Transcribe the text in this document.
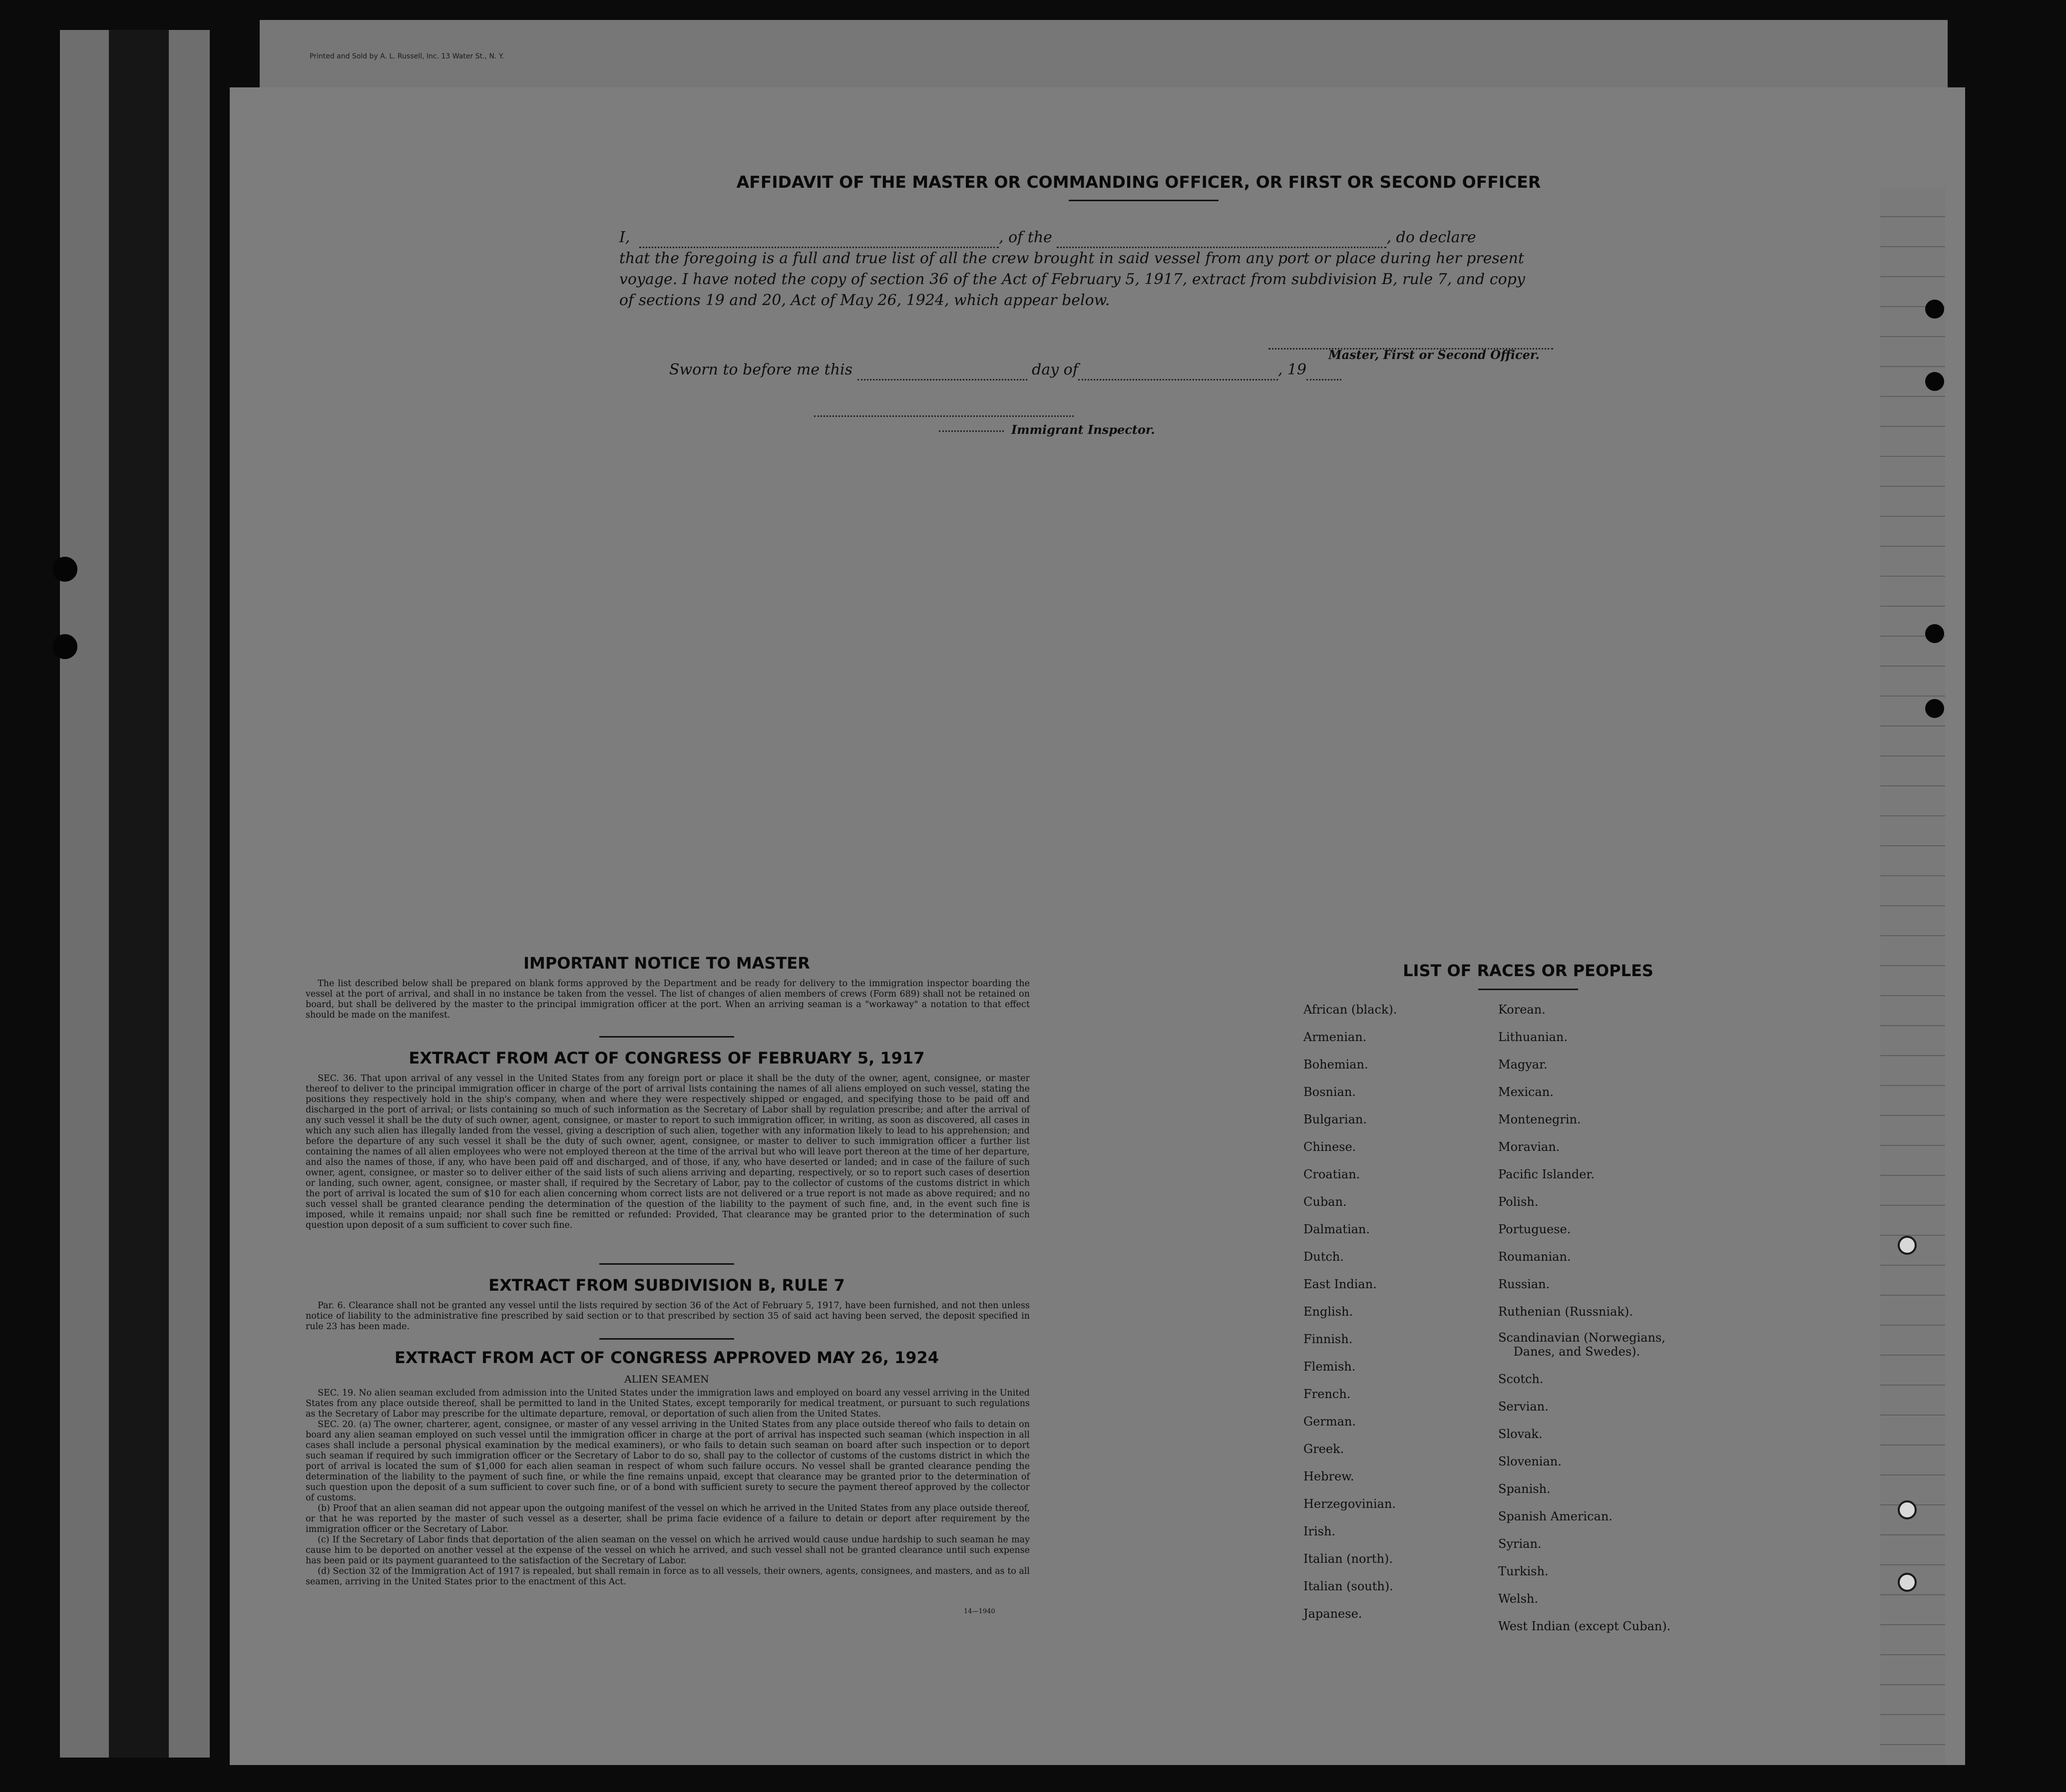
Printed and Sold by A. L. Russell, Inc. 13 Water St., N. Y.
AFFIDAVIT OF THE MASTER OR COMMANDING OFFICER, OR FIRST OR SECOND OFFICER
I,	, of the	, do declare
that the foregoing is a full and true list of all the crew brought in said vessel from any port or place during her present
voyage. I have noted the copy of section 36 of the Act of February 5, 1917, extract from subdivision B, rule 7, and copy
of sections 19 and 20, Act of May 26, 1924, which appear below.
Master, First or Second Officer.
Sworn to before me this	day of	, 19
Immigrant Inspector.
IMPORTANT NOTICE TO MASTER

The list described below shall be prepared on blank forms approved by the Department and be ready for delivery to the immigration inspector boarding the vessel at the port of arrival, and shall in no instance be taken from the vessel. The list of changes of alien members of crews (Form 689) shall not be retained on board, but shall be delivered by the master to the principal immigration officer at the port. When an arriving seaman is a "workaway" a notation to that effect should be made on the manifest.

EXTRACT FROM ACT OF CONGRESS OF FEBRUARY 5, 1917

SEC. 36. That upon arrival of any vessel in the United States from any foreign port or place it shall be the duty of the owner, agent, consignee, or master thereof to deliver to the principal immigration officer in charge of the port of arrival lists containing the names of all aliens employed on such vessel, stating the positions they respectively hold in the ship's company, when and where they were respectively shipped or engaged, and specifying those to be paid off and discharged in the port of arrival; or lists containing so much of such information as the Secretary of Labor shall by regulation prescribe; and after the arrival of any such vessel it shall be the duty of such owner, agent, consignee, or master to report to such immigration officer, in writing, as soon as discovered, all cases in which any such alien has illegally landed from the vessel, giving a description of such alien, together with any information likely to lead to his apprehension; and before the departure of any such vessel it shall be the duty of such owner, agent, consignee, or master to deliver to such immigration officer a further list containing the names of all alien employees who were not employed thereon at the time of the arrival but who will leave port thereon at the time of her departure, and also the names of those, if any, who have been paid off and discharged, and of those, if any, who have deserted or landed; and in case of the failure of such owner, agent, consignee, or master so to deliver either of the said lists of such aliens arriving and departing, respectively, or so to report such cases of desertion or landing, such owner, agent, consignee, or master shall, if required by the Secretary of Labor, pay to the collector of customs of the customs district in which the port of arrival is located the sum of $10 for each alien concerning whom correct lists are not delivered or a true report is not made as above required; and no such vessel shall be granted clearance pending the determination of the question of the liability to the payment of such fine, and, in the event such fine is imposed, while it remains unpaid; nor shall such fine be remitted or refunded: Provided, That clearance may be granted prior to the determination of such question upon deposit of a sum sufficient to cover such fine.

EXTRACT FROM SUBDIVISION B, RULE 7

Par. 6. Clearance shall not be granted any vessel until the lists required by section 36 of the Act of February 5, 1917, have been furnished, and not then unless notice of liability to the administrative fine prescribed by said section or to that prescribed by section 35 of said act having been served, the deposit specified in rule 23 has been made.

EXTRACT FROM ACT OF CONGRESS APPROVED MAY 26, 1924
ALIEN SEAMEN

SEC. 19. No alien seaman excluded from admission into the United States under the immigration laws and employed on board any vessel arriving in the United States from any place outside thereof, shall be permitted to land in the United States, except temporarily for medical treatment, or pursuant to such regulations as the Secretary of Labor may prescribe for the ultimate departure, removal, or deportation of such alien from the United States.

SEC. 20. (a) The owner, charterer, agent, consignee, or master of any vessel arriving in the United States from any place outside thereof who fails to detain on board any alien seaman employed on such vessel until the immigration officer in charge at the port of arrival has inspected such seaman (which inspection in all cases shall include a personal physical examination by the medical examiners), or who fails to detain such seaman on board after such inspection or to deport such seaman if required by such immigration officer or the Secretary of Labor to do so, shall pay to the collector of customs of the customs district in which the port of arrival is located the sum of $1,000 for each alien seaman in respect of whom such failure occurs. No vessel shall be granted clearance pending the determination of the liability to the payment of such fine, or while the fine remains unpaid, except that clearance may be granted prior to the determination of such question upon the deposit of a sum sufficient to cover such fine, or of a bond with sufficient surety to secure the payment thereof approved by the collector of customs.

(b) Proof that an alien seaman did not appear upon the outgoing manifest of the vessel on which he arrived in the United States from any place outside thereof, or that he was reported by the master of such vessel as a deserter, shall be prima facie evidence of a failure to detain or deport after requirement by the immigration officer or the Secretary of Labor.

(c) If the Secretary of Labor finds that deportation of the alien seaman on the vessel on which he arrived would cause undue hardship to such seaman he may cause him to be deported on another vessel at the expense of the vessel on which he arrived, and such vessel shall not be granted clearance until such expense has been paid or its payment guaranteed to the satisfaction of the Secretary of Labor.

(d) Section 32 of the Immigration Act of 1917 is repealed, but shall remain in force as to all vessels, their owners, agents, consignees, and masters, and as to all seamen, arriving in the United States prior to the enactment of this Act.

14—1940
LIST OF RACES OR PEOPLES
African (black).
Armenian.
Bohemian.
Bosnian.
Bulgarian.
Chinese.
Croatian.
Cuban.
Dalmatian.
Dutch.
East Indian.
English.
Finnish.
Flemish.
French.
German.
Greek.
Hebrew.
Herzegovinian.
Irish.
Italian (north).
Italian (south).
Japanese.
Korean.
Lithuanian.
Magyar.
Mexican.
Montenegrin.
Moravian.
Pacific Islander.
Polish.
Portuguese.
Roumanian.
Russian.
Ruthenian (Russniak).
Scandinavian (Norwegians,
Danes, and Swedes).
Scotch.
Servian.
Slovak.
Slovenian.
Spanish.
Spanish American.
Syrian.
Turkish.
Welsh.
West Indian (except Cuban).
